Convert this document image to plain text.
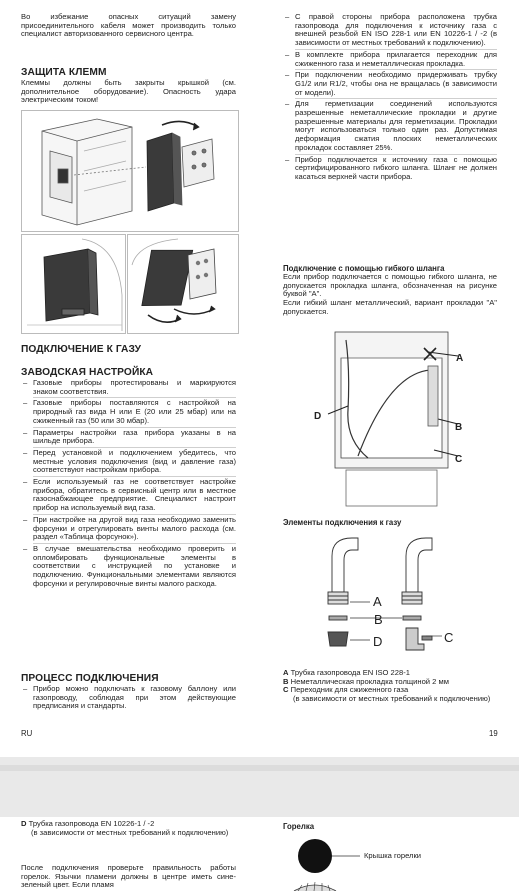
Во избежание опасных ситуаций замену присоединительного кабеля может производить только специалист авторизованного сервисного центра.

ЗАЩИТА КЛЕММ

Клеммы должны быть закрыты крышкой (см. дополнительное оборудование). Опасность удара электрическим током!

ПОДКЛЮЧЕНИЕ К ГАЗУ
ЗАВОДСКАЯ НАСТРОЙКА
– Газовые приборы протестированы и маркируются знаком соответствия.
– Газовые приборы поставляются с настройкой на природный газ вида H или E (20 или 25 мбар) или на сжиженный газ (50 или 30 мбар).
– Параметры настройки газа прибора указаны в на шильде прибора.
– Перед установкой и подключением убедитесь, что местные условия подключения (вид и давление газа) соответствуют настройкам прибора.
– Если используемый газ не соответствует настройке прибора, обратитесь в сервисный центр или в местное газоснабжающее предприятие. Специалист настроит прибор на используемый вид газа.
– При настройке на другой вид газа необходимо заменить форсунки и отрегулировать винты малого расхода (см. раздел «Таблица форсунок»).
– В случае вмешательства необходимо проверить и опломбировать функциональные элементы в соответствии с инструкцией по установке и подключению. Функциональными элементами являются форсунки и регулировочные винты малого расхода.
ПРОЦЕСС ПОДКЛЮЧЕНИЯ
– Прибор можно подключать к газовому баллону или газопроводу, соблюдая при этом действующие предписания и стандарты.
– С правой стороны прибора расположена трубка газопровода для подключения к источнику газа с внешней резьбой EN ISO 228-1 или EN 10226-1 / -2 (в зависимости от местных требований к подключению).
– В комплекте прибора прилагается переходник для сжиженного газа и неметаллическая прокладка.
– При подключении необходимо придерживать трубку G1/2 или R1/2, чтобы она не вращалась (в зависимости от модели).
– Для герметизации соединений используются разрешенные неметаллические прокладки и другие разрешенные материалы для герметизации. Прокладки могут использоваться только один раз. Допустимая деформация сжатия плоских неметаллических прокладок составляет 25%.
– Прибор подключается к источнику газа с помощью сертифицированного гибкого шланга. Шланг не должен касаться верхней части прибора.
Подключение с помощью гибкого шланга

Если прибор подключается с помощью гибкого шланга, не допускается прокладка шланга, обозначенная на рисунке буквой "A".

Если гибкий шланг металлический, вариант прокладки "A" допускается.

A
B
C
D
Элементы подключения к газу
A
B
C
D

A Трубка газопровода EN ISO 228-1

B Неметаллическая прокладка толщиной 2 мм

C Переходник для сжиженного газа

(в зависимости от местных требований к подключению)

RU	19

D Трубка газопровода EN 10226-1 / -2

(в зависимости от местных требований к подключению)

После подключения проверьте правильность работы горелок. Язычки пламени должны в центре иметь сине-зеленый цвет. Если пламя

Горелка
Крышка горелки
